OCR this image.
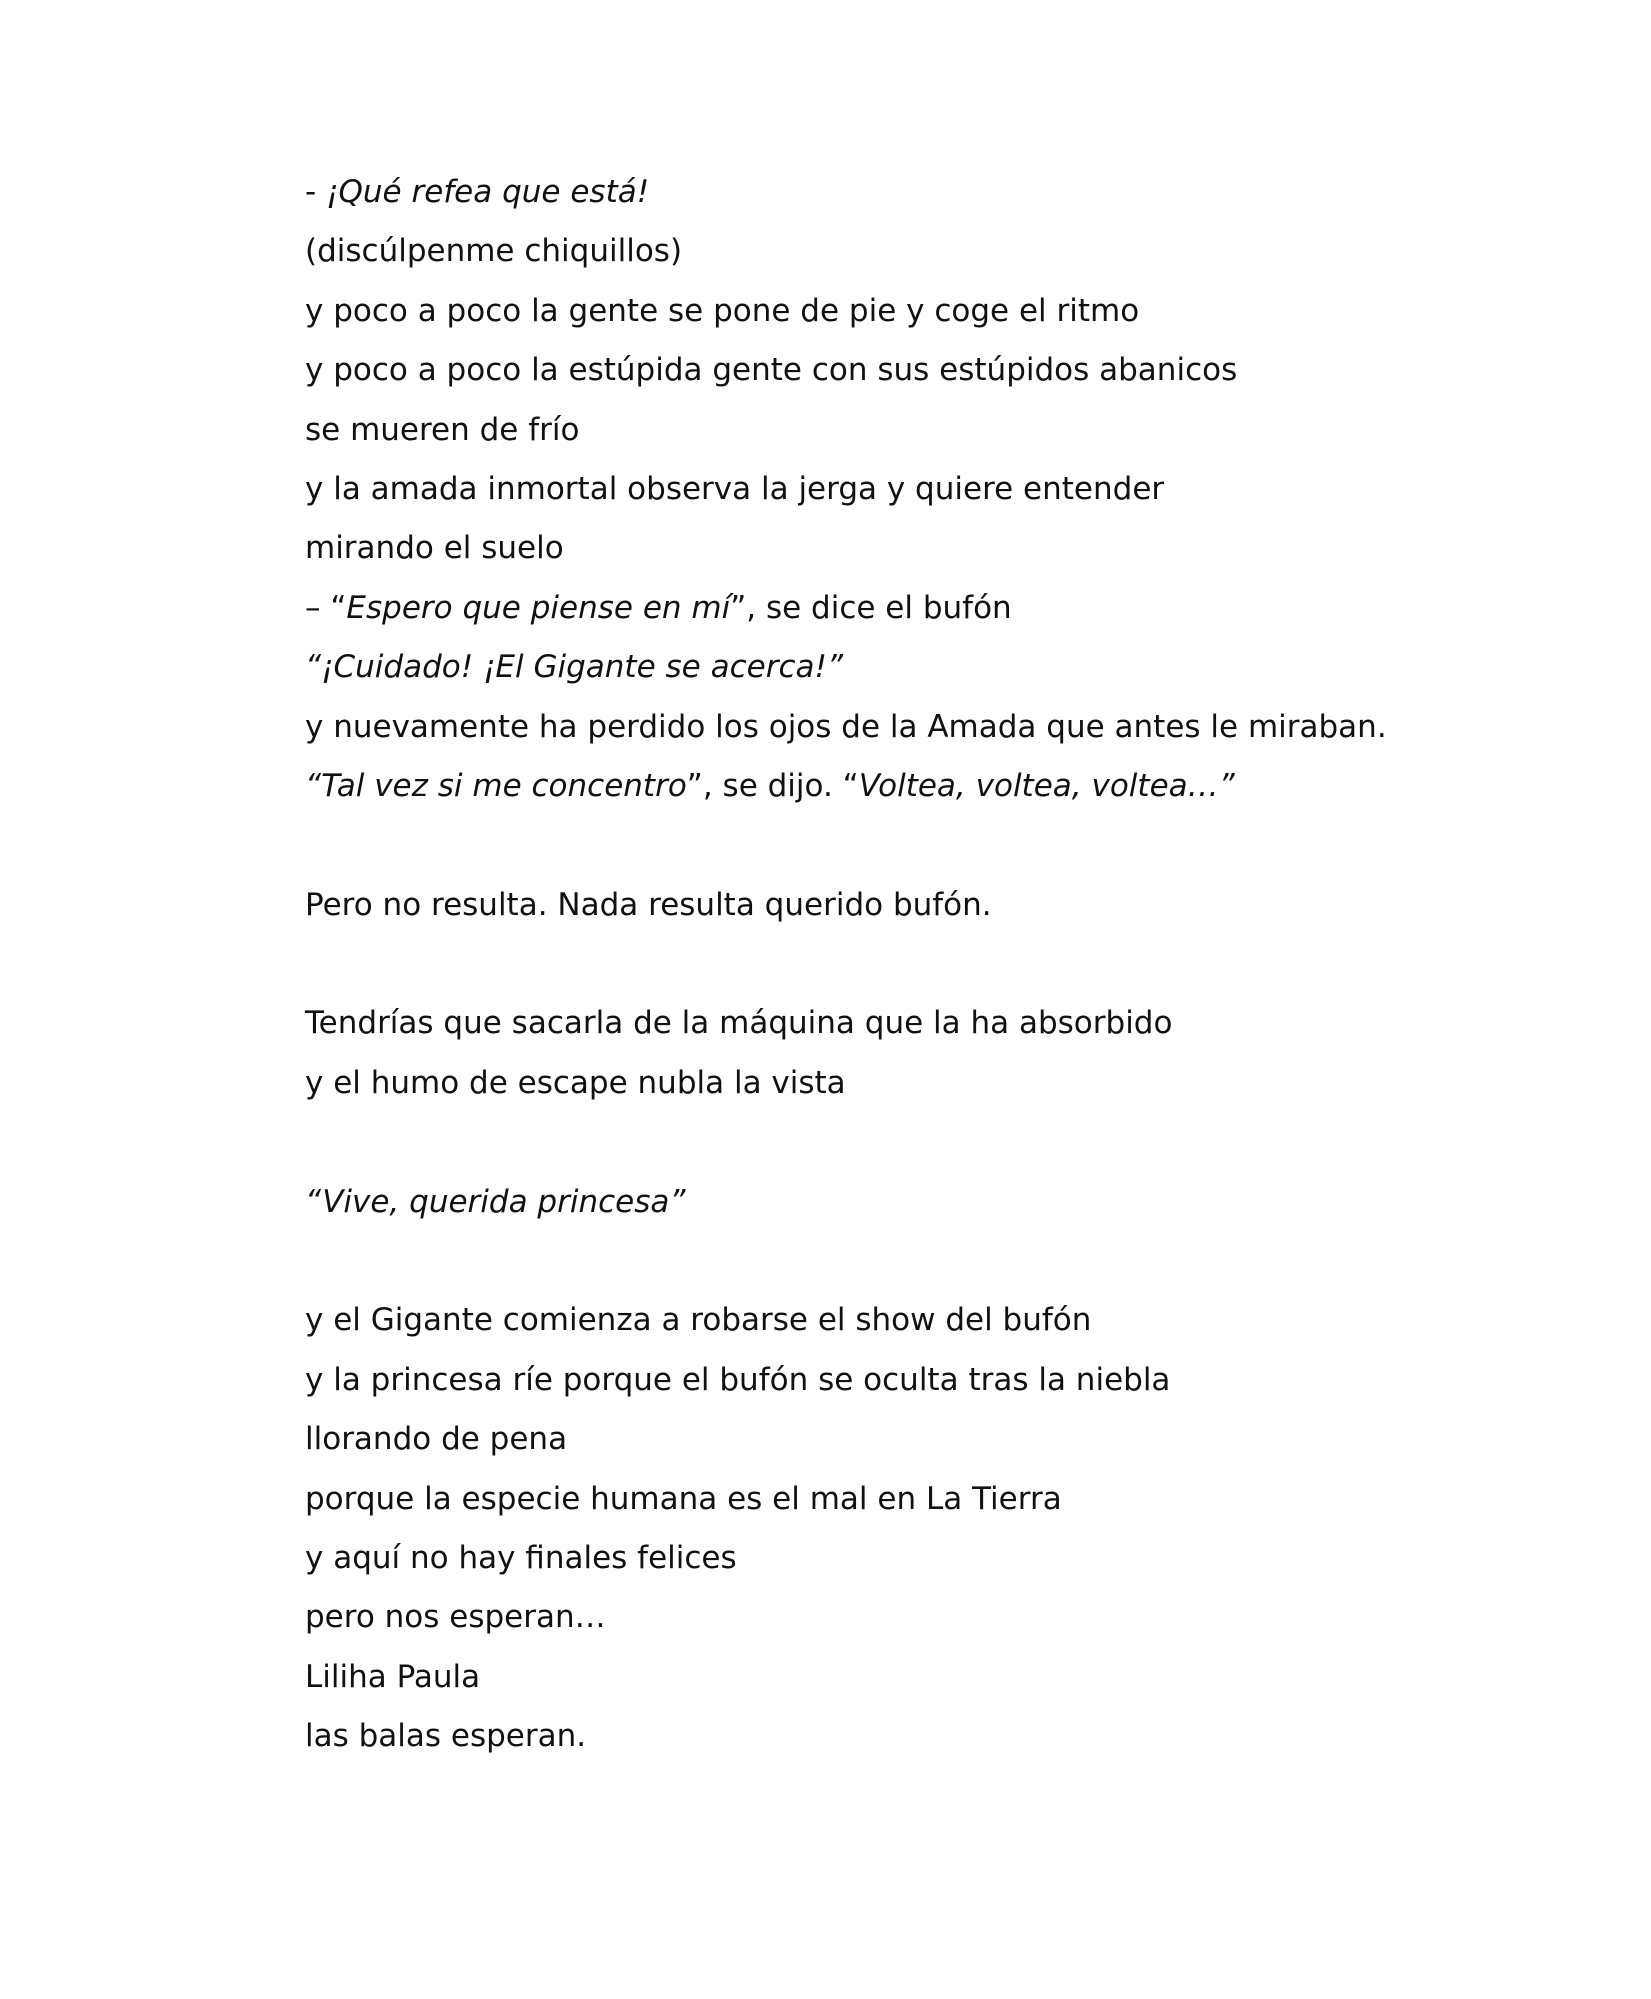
- ¡Qué refea que está!
(discúlpenme chiquillos)
y poco a poco la gente se pone de pie y coge el ritmo
y poco a poco la estúpida gente con sus estúpidos abanicos
se mueren de frío
y la amada inmortal observa la jerga y quiere entender
mirando el suelo
– “Espero que piense en mí”, se dice el bufón
“¡Cuidado! ¡El Gigante se acerca!”
y nuevamente ha perdido los ojos de la Amada que antes le miraban.
“Tal vez si me concentro”, se dijo. “Voltea, voltea, voltea…”
Pero no resulta. Nada resulta querido bufón.
Tendrías que sacarla de la máquina que la ha absorbido
y el humo de escape nubla la vista
“Vive, querida princesa”
y el Gigante comienza a robarse el show del bufón
y la princesa ríe porque el bufón se oculta tras la niebla
llorando de pena
porque la especie humana es el mal en La Tierra
y aquí no hay finales felices
pero nos esperan…
Liliha Paula
las balas esperan.
